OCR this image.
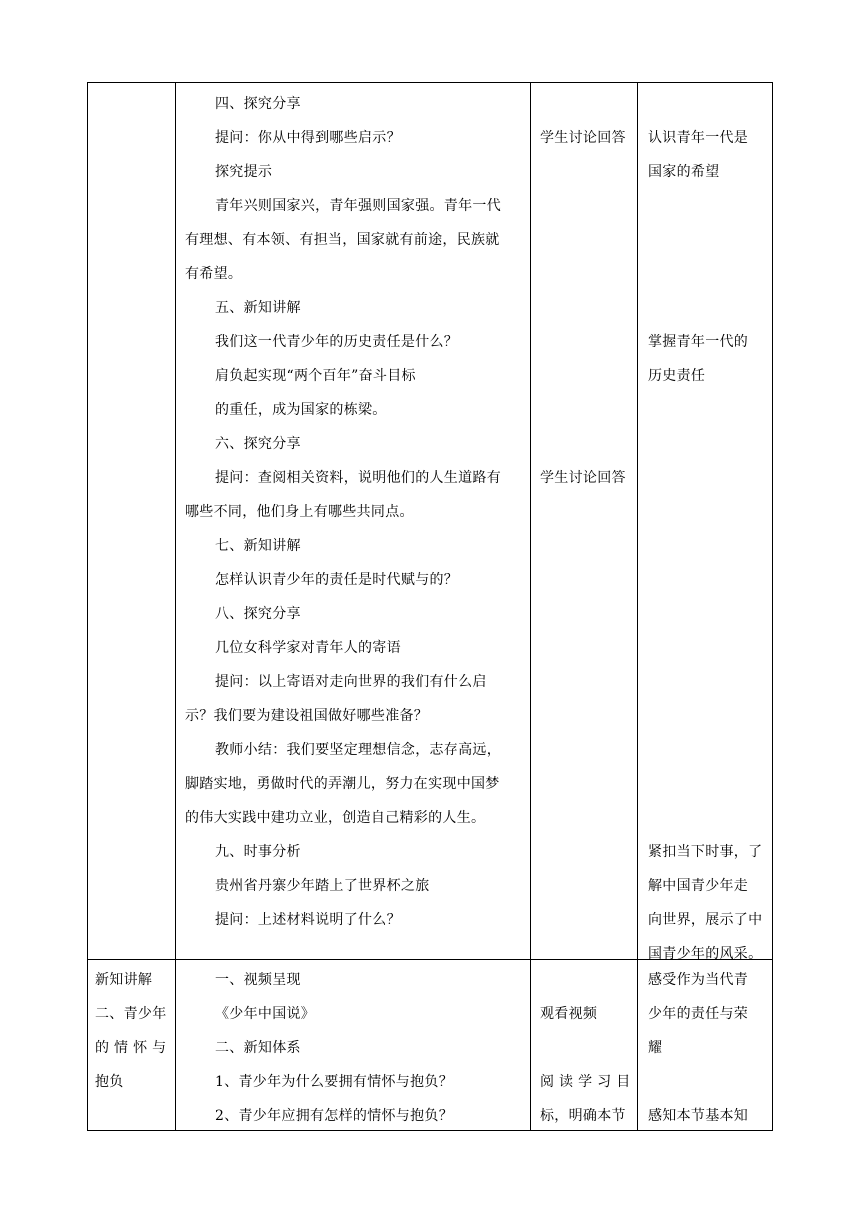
四、探究分享
提问：你从中得到哪些启示？
探究提示
青年兴则国家兴，青年强则国家强。青年一代
有理想、有本领、有担当，国家就有前途，民族就
有希望。
五、新知讲解
我们这一代青少年的历史责任是什么？
肩负起实现“两个百年”奋斗目标
的重任，成为国家的栋梁。
六、探究分享
提问：查阅相关资料，说明他们的人生道路有
哪些不同，他们身上有哪些共同点。
七、新知讲解
怎样认识青少年的责任是时代赋与的？
八、探究分享
几位女科学家对青年人的寄语
提问：以上寄语对走向世界的我们有什么启
示？我们要为建设祖国做好哪些准备？
教师小结：我们要坚定理想信念，志存高远，
脚踏实地，勇做时代的弄潮儿，努力在实现中国梦
的伟大实践中建功立业，创造自己精彩的人生。
九、时事分析
贵州省丹寨少年踏上了世界杯之旅
提问：上述材料说明了什么？
学生讨论回答
学生讨论回答
认识青年一代是
国家的希望
掌握青年一代的
历史责任
紧扣当下时事，了
解中国青少年走
向世界，展示了中
国青少年的风采。
新知讲解
二、青少年
的 情 怀 与
抱负
一、视频呈现
《少年中国说》
二、新知体系
1、青少年为什么要拥有情怀与抱负？
2、青少年应拥有怎样的情怀与抱负？
观看视频
阅 读 学 习 目
标，明确本节
感受作为当代青
少年的责任与荣
耀
感知本节基本知
